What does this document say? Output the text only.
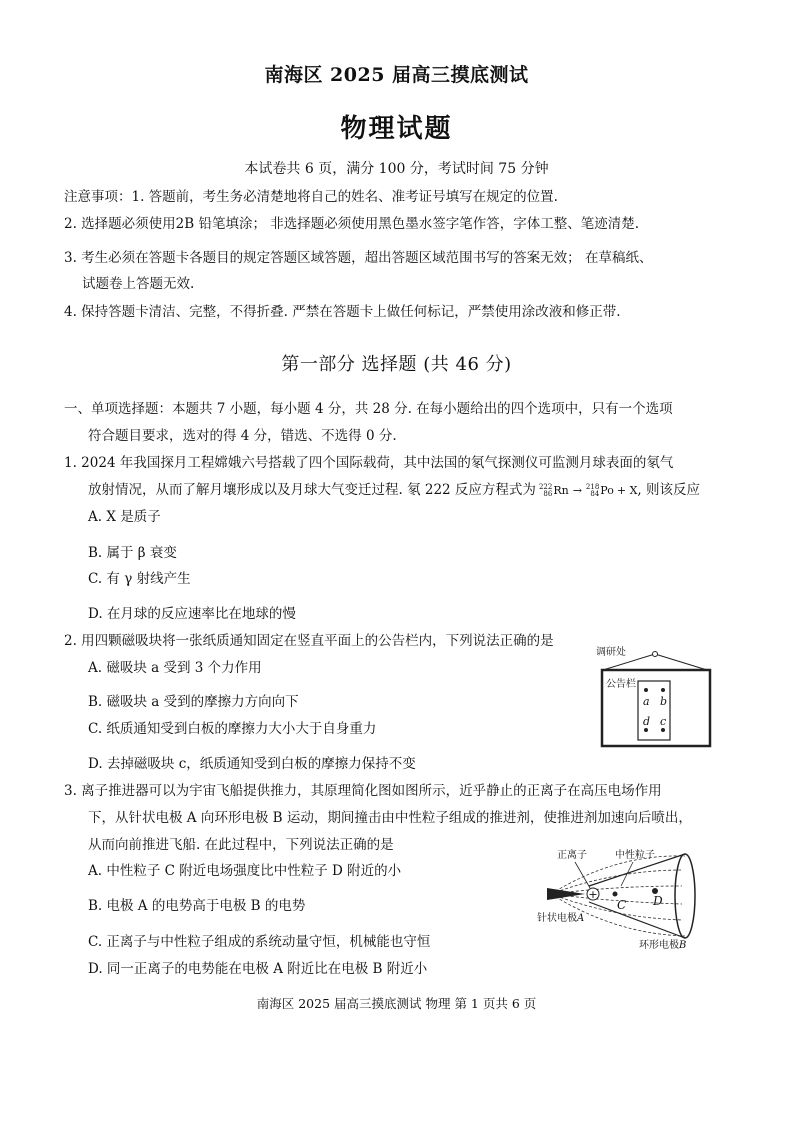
南海区 2025 届高三摸底测试
物理试题
本试卷共 6 页，满分 100 分，考试时间 75 分钟
注意事项：1. 答题前，考生务必清楚地将自己的姓名、准考证号填写在规定的位置.
2. 选择题必须使用2B 铅笔填涂； 非选择题必须使用黑色墨水签字笔作答，字体工整、笔迹清楚.
3. 考生必须在答题卡各题目的规定答题区域答题，超出答题区域范围书写的答案无效； 在草稿纸、
试题卷上答题无效.
4. 保持答题卡清洁、完整，不得折叠. 严禁在答题卡上做任何标记，严禁使用涂改液和修正带.
第一部分 选择题 (共 46 分)
一、单项选择题：本题共 7 小题，每小题 4 分，共 28 分. 在每小题给出的四个选项中，只有一个选项
符合题目要求，选对的得 4 分，错选、不选得 0 分.
1. 2024 年我国探月工程嫦娥六号搭载了四个国际载荷，其中法国的氡气探测仪可监测月球表面的氡气
放射情况，从而了解月壤形成以及月球大气变迁过程. 氡 222 反应方程式为 222
86Rn → 218
84Po + X, 则该反应
A. X 是质子
B. 属于 β 衰变
C. 有 γ 射线产生
D. 在月球的反应速率比在地球的慢
2. 用四颗磁吸块将一张纸质通知固定在竖直平面上的公告栏内，下列说法正确的是
A. 磁吸块 a 受到 3 个力作用
B. 磁吸块 a 受到的摩擦力方向向下
C. 纸质通知受到白板的摩擦力大小大于自身重力
D. 去掉磁吸块 c，纸质通知受到白板的摩擦力保持不变
调研处
公告栏
a b
d c
3. 离子推进器可以为宇宙飞船提供推力，其原理简化图如图所示，近乎静止的正离子在高压电场作用
下，从针状电极 A 向环形电极 B 运动，期间撞击由中性粒子组成的推进剂，使推进剂加速向后喷出，
从而向前推进飞船. 在此过程中，下列说法正确的是
A. 中性粒子 C 附近电场强度比中性粒子 D 附近的小
B. 电极 A 的电势高于电极 B 的电势
C. 正离子与中性粒子组成的系统动量守恒，机械能也守恒
D. 同一正离子的电势能在电极 A 附近比在电极 B 附近小
正离子	中性粒子
+
C D
针状电极A
环形电极B
南海区 2025 届高三摸底测试 物理 第 1 页共 6 页
